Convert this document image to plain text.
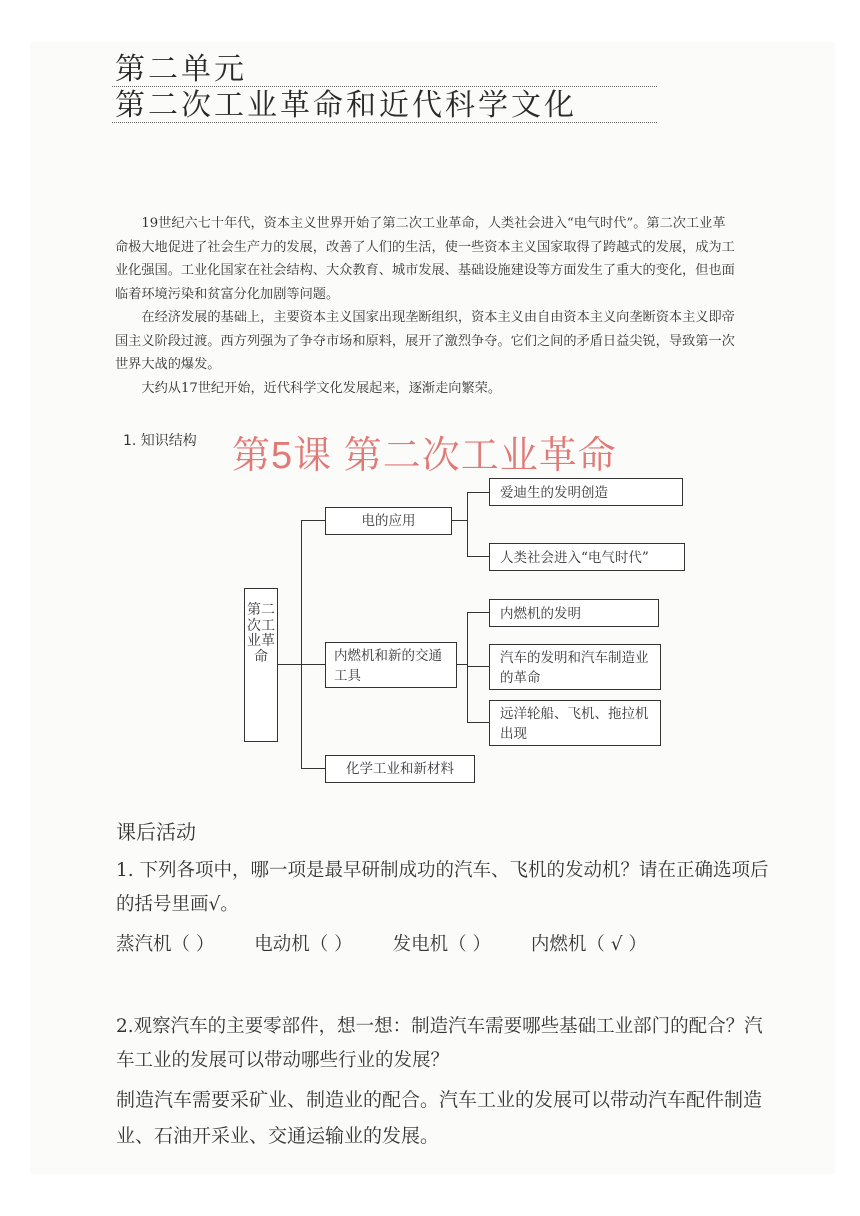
第二单元
第二次工业革命和近代科学文化

19世纪六七十年代，资本主义世界开始了第二次工业革命，人类社会进入“电气时代”。第二次工业革命极大地促进了社会生产力的发展，改善了人们的生活，使一些资本主义国家取得了跨越式的发展，成为工业化强国。工业化国家在社会结构、大众教育、城市发展、基础设施建设等方面发生了重大的变化，但也面临着环境污染和贫富分化加剧等问题。

在经济发展的基础上，主要资本主义国家出现垄断组织，资本主义由自由资本主义向垄断资本主义即帝国主义阶段过渡。西方列强为了争夺市场和原料，展开了激烈争夺。它们之间的矛盾日益尖锐，导致第一次世界大战的爆发。

大约从17世纪开始，近代科学文化发展起来，逐渐走向繁荣。

1. 知识结构 第5课 第二次工业革命
第二次工业革命
电的应用
内燃机和新的交通工具
化学工业和新材料
爱迪生的发明创造
人类社会进入“电气时代”
内燃机的发明
汽车的发明和汽车制造业的革命
远洋轮船、飞机、拖拉机出现
课后活动
1. 下列各项中，哪一项是最早研制成功的汽车、飞机的发动机？请在正确选项后的括号里画√。
蒸汽机（ ） 电动机（ ） 发电机（ ） 内燃机（ √ ）
2.观察汽车的主要零部件，想一想：制造汽车需要哪些基础工业部门的配合？汽车工业的发展可以带动哪些行业的发展？
制造汽车需要采矿业、制造业的配合。汽车工业的发展可以带动汽车配件制造业、石油开采业、交通运输业的发展。
